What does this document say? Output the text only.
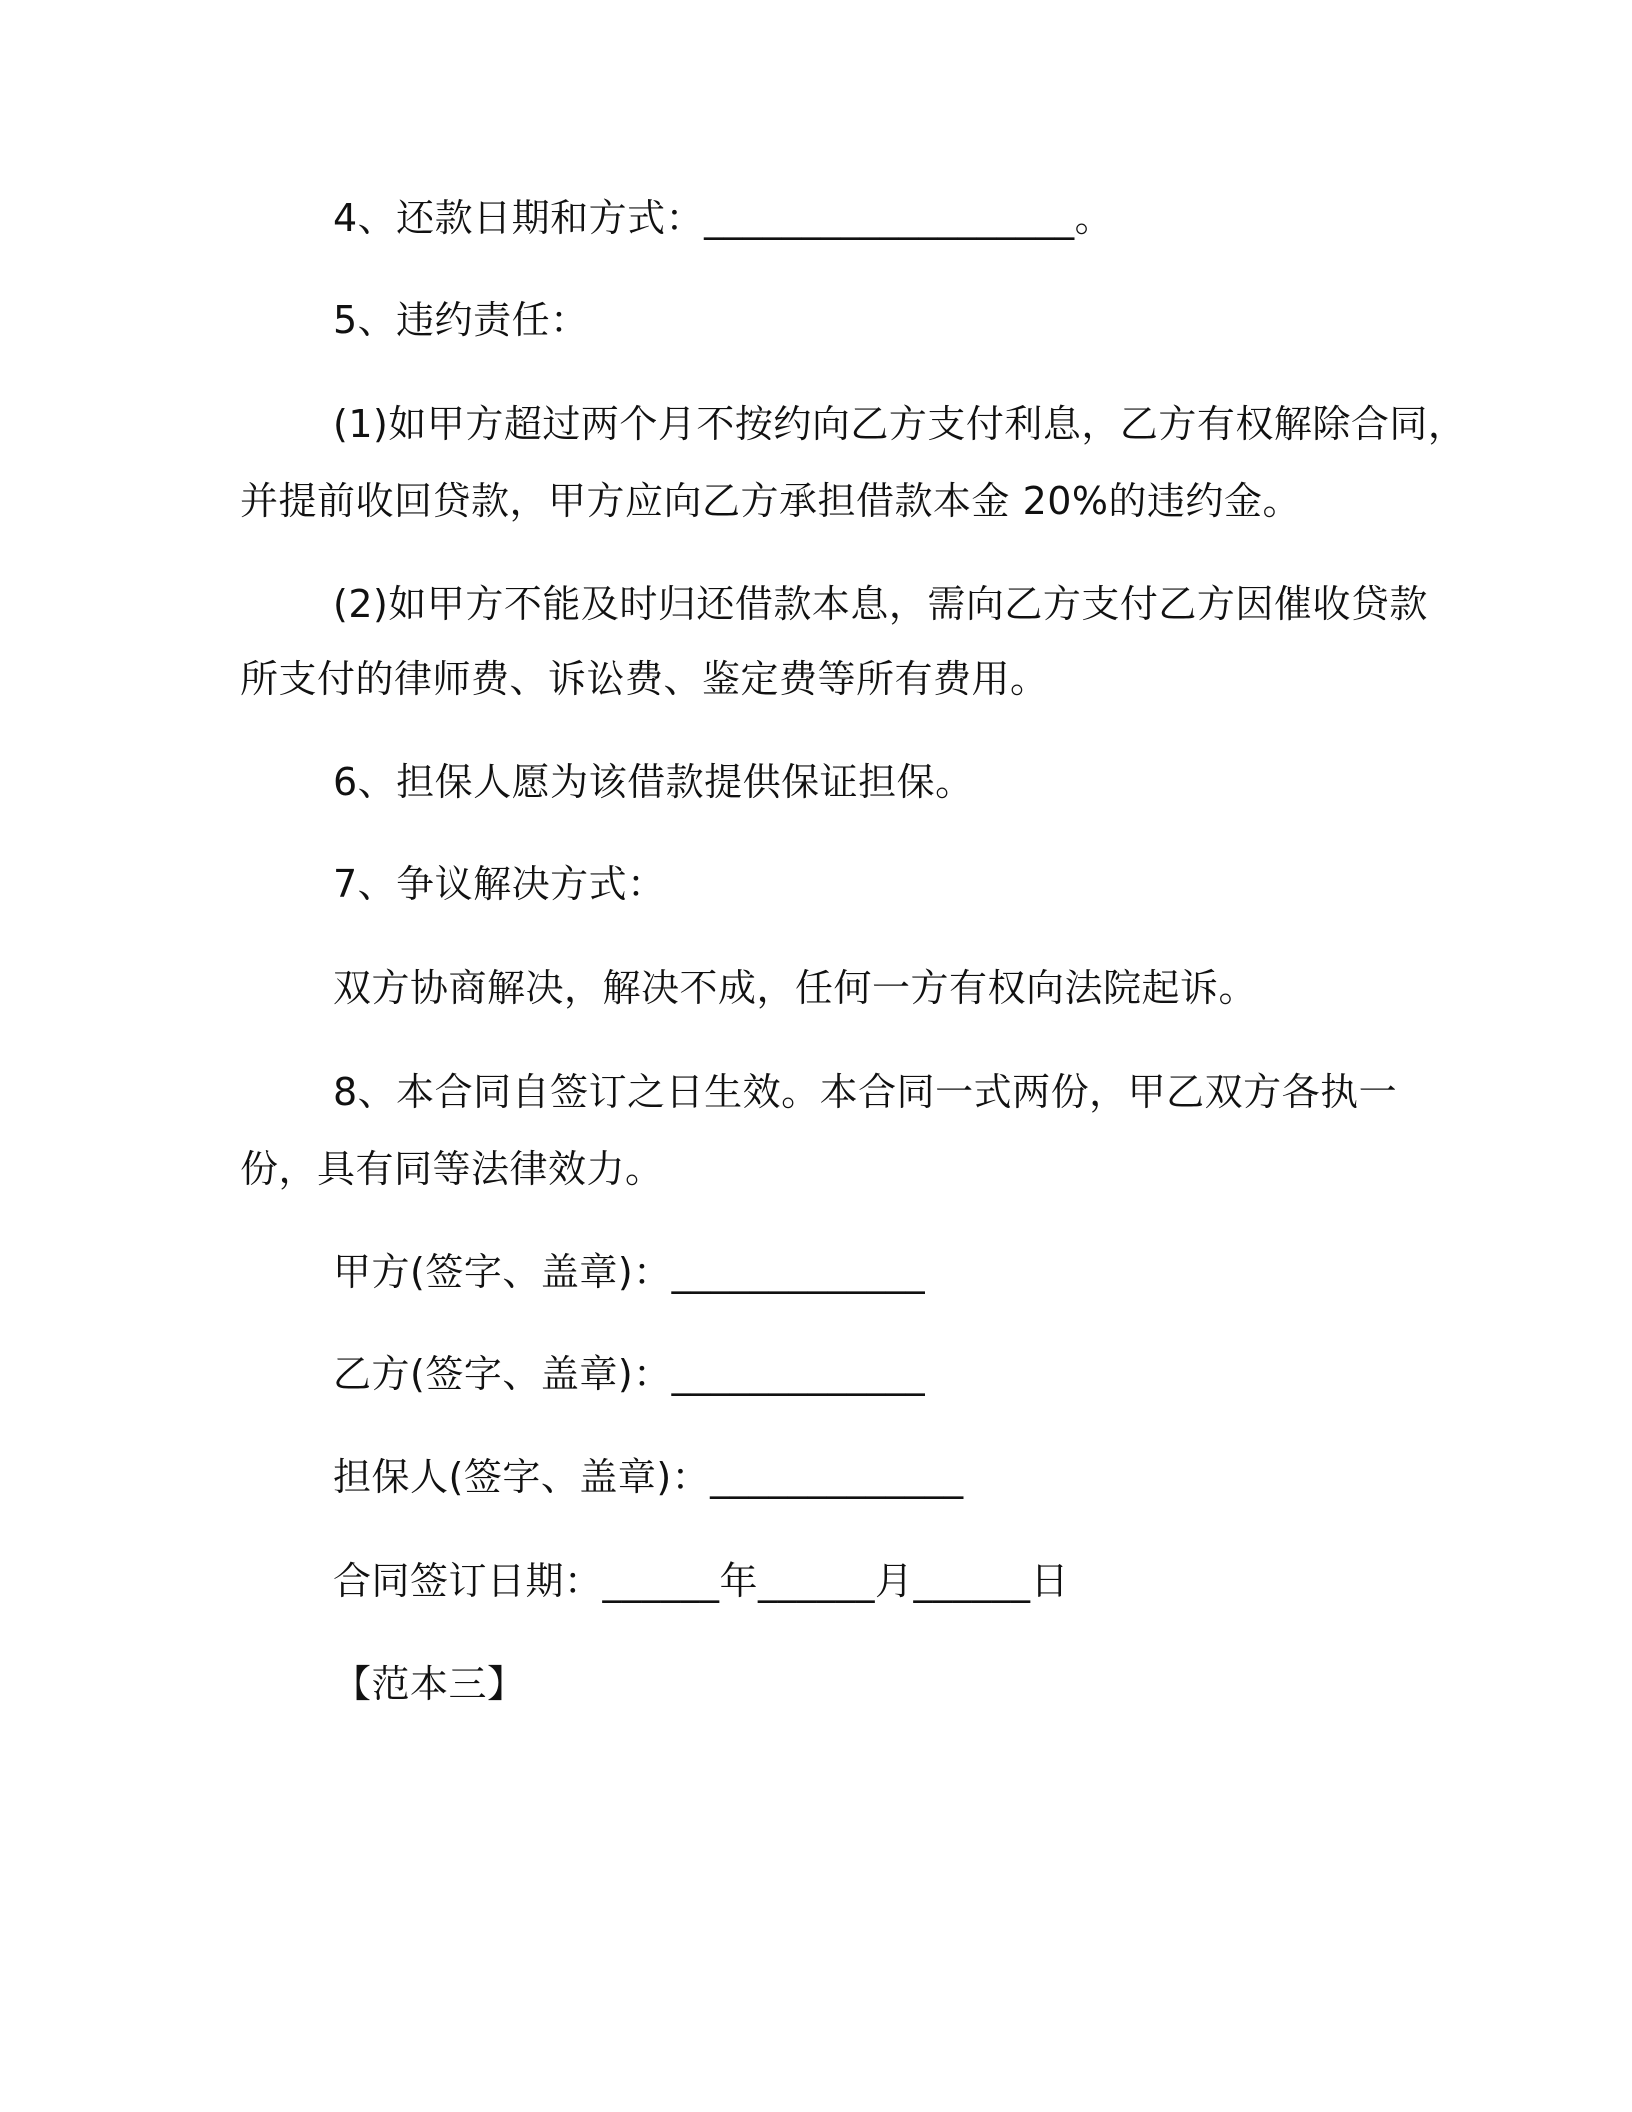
4、还款日期和方式：___________________。
5、违约责任：
(1)如甲方超过两个月不按约向乙方支付利息，乙方有权解除合同，
并提前收回贷款，甲方应向乙方承担借款本金 20%的违约金。
(2)如甲方不能及时归还借款本息，需向乙方支付乙方因催收贷款
所支付的律师费、诉讼费、鉴定费等所有费用。
6、担保人愿为该借款提供保证担保。
7、争议解决方式：
双方协商解决，解决不成，任何一方有权向法院起诉。
8、本合同自签订之日生效。本合同一式两份，甲乙双方各执一
份，具有同等法律效力。
甲方(签字、盖章)：_____________
乙方(签字、盖章)：_____________
担保人(签字、盖章)：_____________
合同签订日期：______年______月______日
【范本三】
